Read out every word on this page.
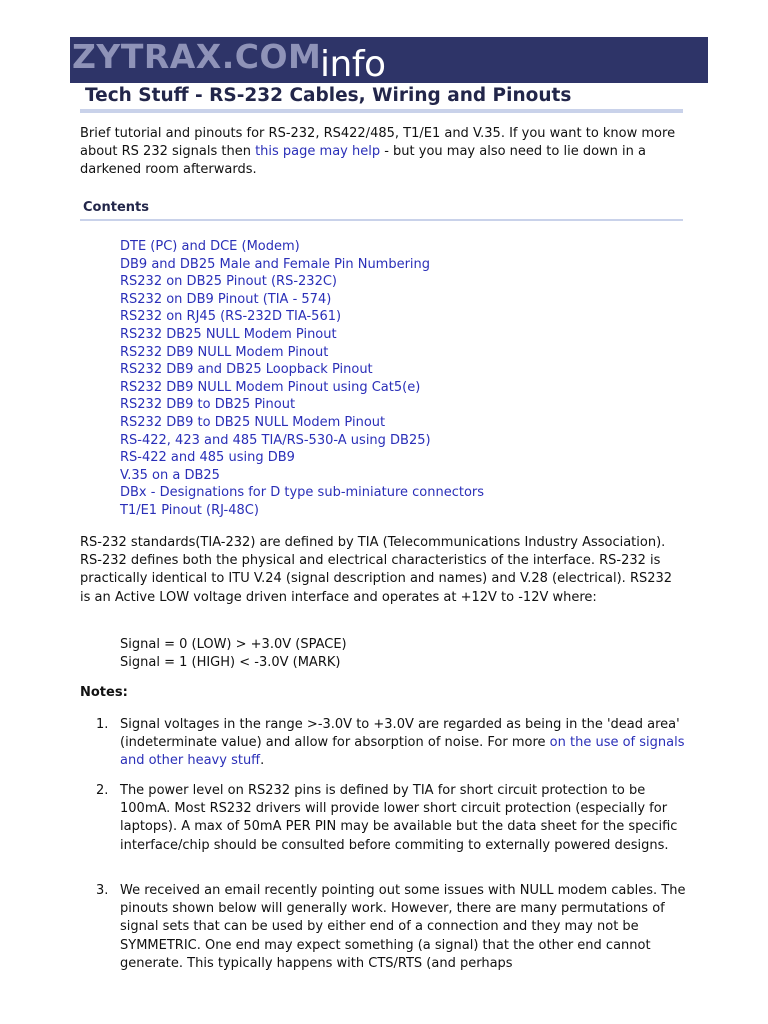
ZYTRAX.COM
info
Tech Stuff - RS-232 Cables, Wiring and Pinouts

Brief tutorial and pinouts for RS-232, RS422/485, T1/E1 and V.35. If you want to know more about RS 232 signals then this page may help - but you may also need to lie down in a darkened room afterwards.

Contents
DTE (PC) and DCE (Modem)
DB9 and DB25 Male and Female Pin Numbering
RS232 on DB25 Pinout (RS-232C)
RS232 on DB9 Pinout (TIA - 574)
RS232 on RJ45 (RS-232D TIA-561)
RS232 DB25 NULL Modem Pinout
RS232 DB9 NULL Modem Pinout
RS232 DB9 and DB25 Loopback Pinout
RS232 DB9 NULL Modem Pinout using Cat5(e)
RS232 DB9 to DB25 Pinout
RS232 DB9 to DB25 NULL Modem Pinout
RS-422, 423 and 485 TIA/RS-530-A using DB25)
RS-422 and 485 using DB9
V.35 on a DB25
DBx - Designations for D type sub-miniature connectors
T1/E1 Pinout (RJ-48C)

RS-232 standards(TIA-232) are defined by TIA (Telecommunications Industry Association). RS-232 defines both the physical and electrical characteristics of the interface. RS-232 is practically identical to ITU V.24 (signal description and names) and V.28 (electrical). RS232 is an Active LOW voltage driven interface and operates at +12V to -12V where:

Signal = 0 (LOW) > +3.0V (SPACE)
Signal = 1 (HIGH) < -3.0V (MARK)
Notes:
1. Signal voltages in the range >-3.0V to +3.0V are regarded as being in the 'dead area' (indeterminate value) and allow for absorption of noise. For more on the use of signals and other heavy stuff.
2. The power level on RS232 pins is defined by TIA for short circuit protection to be 100mA. Most RS232 drivers will provide lower short circuit protection (especially for laptops). A max of 50mA PER PIN may be available but the data sheet for the specific interface/chip should be consulted before commiting to externally powered designs.
3. We received an email recently pointing out some issues with NULL modem cables. The pinouts shown below will generally work. However, there are many permutations of signal sets that can be used by either end of a connection and they may not be SYMMETRIC. One end may expect something (a signal) that the other end cannot generate. This typically happens with CTS/RTS (and perhaps
